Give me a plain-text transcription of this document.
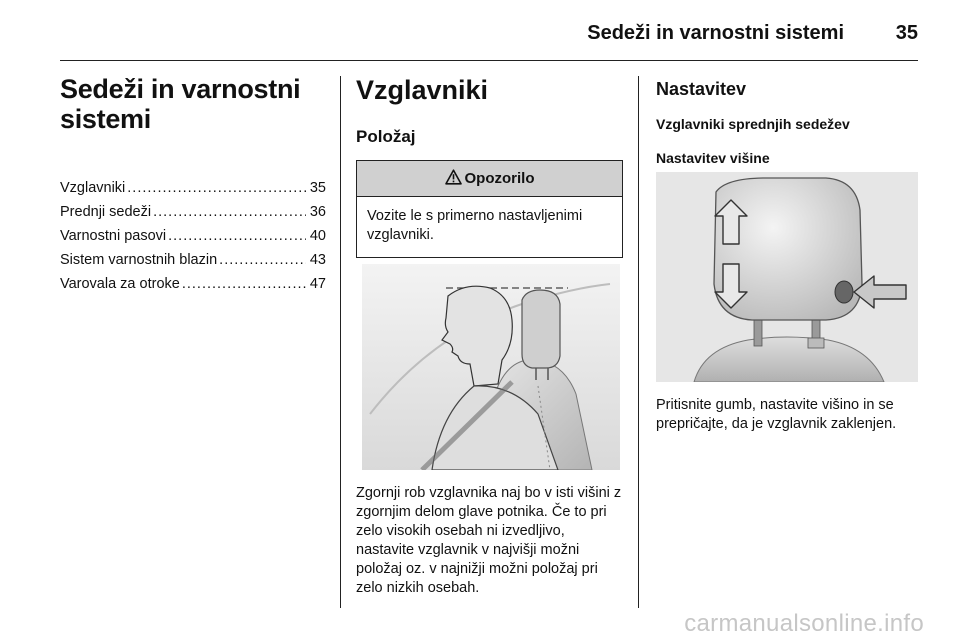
Sedeži in varnostni sistemi	35
Sedeži in varnostni
sistemi
Vzglavniki .....	35
Prednji sedeži .....	36
Varnostni pasovi .....	40
Sistem varnostnih blazin .....	43
Varovala za otroke .....	47
Vzglavniki
Položaj
Opozorilo
Vozite le s primerno nastavljenimi vzglavniki.
Zgornji rob vzglavnika naj bo v isti višini z zgornjim delom glave potnika. Če to pri zelo visokih osebah ni izvedljivo, nastavite vzglavnik v najvišji možni položaj oz. v najnižji možni položaj pri zelo nizkih osebah.
Nastavitev
Vzglavniki sprednjih sedežev
Nastavitev višine
Pritisnite gumb, nastavite višino in se prepričajte, da je vzglavnik zaklenjen.
carmanualsonline.info
